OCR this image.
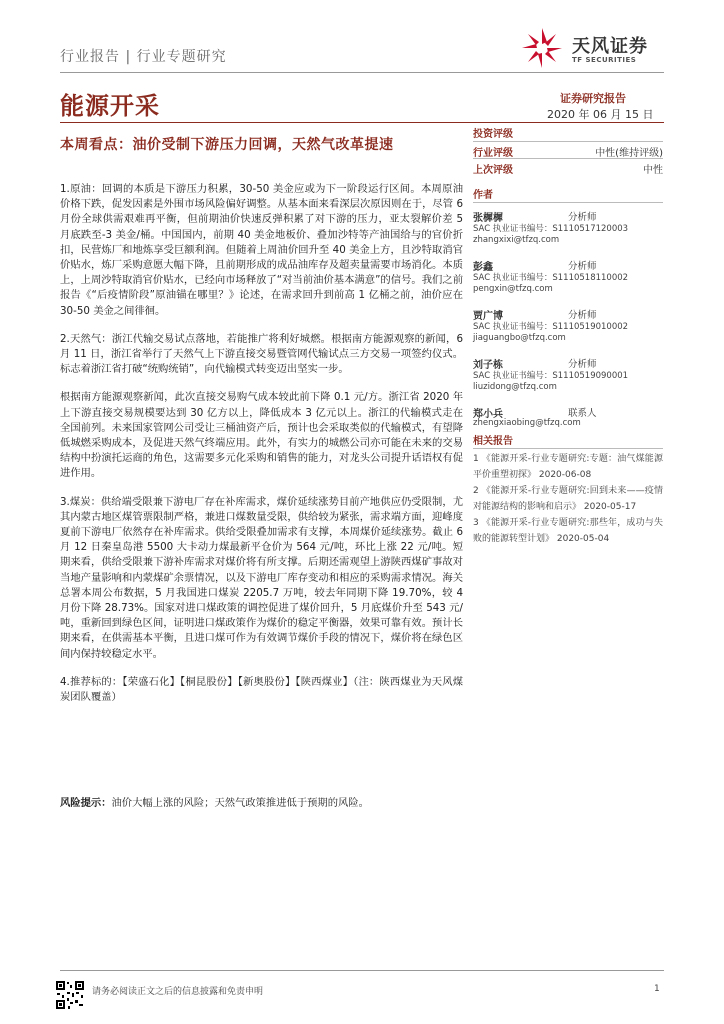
行业报告 | 行业专题研究	天风证券
TF SECURITIES
能源开采	证券研究报告
2020 年 06 月 15 日
本周看点：油价受制下游压力回调，天然气改革提速

1.原油：回调的本质是下游压力积累，30-50 美金应或为下一阶段运行区间。本周原油价格下跌，促发因素是外围市场风险偏好调整。从基本面来看深层次原因则在于，尽管 6 月份全球供需艰难再平衡，但前期油价快速反弹积累了对下游的压力，亚太裂解价差 5 月底跌至-3 美金/桶。中国国内，前期 40 美金地板价、叠加沙特等产油国给与的官价折扣，民营炼厂和地炼享受巨额利润。但随着上周油价回升至 40 美金上方，且沙特取消官价贴水，炼厂采购意愿大幅下降，且前期形成的成品油库存及超卖量需要市场消化。本质上，上周沙特取消官价贴水，已经向市场释放了“对当前油价基本满意”的信号。我们之前报告《“后疫情阶段”原油锚在哪里？》论述，在需求回升到前高 1 亿桶之前，油价应在 30-50 美金之间徘徊。

2.天然气：浙江代输交易试点落地，若能推广将利好城燃。根据南方能源观察的新闻，6 月 11 日，浙江省举行了天然气上下游直接交易暨管网代输试点三方交易一项签约仪式。标志着浙江省打破“统购统销”，向代输模式转变迈出坚实一步。

根据南方能源观察新闻，此次直接交易购气成本较此前下降 0.1 元/方。浙江省 2020 年上下游直接交易规模要达到 30 亿方以上，降低成本 3 亿元以上。浙江的代输模式走在全国前列。未来国家管网公司受让三桶油资产后，预计也会采取类似的代输模式，有望降低城燃采购成本，及促进天然气终端应用。此外，有实力的城燃公司亦可能在未来的交易结构中扮演托运商的角色，这需要多元化采购和销售的能力，对龙头公司提升话语权有促进作用。

3.煤炭：供给端受限兼下游电厂存在补库需求，煤价延续涨势目前产地供应仍受限制，尤其内蒙古地区煤管票限制严格，兼进口煤数量受限，供给较为紧张，需求端方面，迎峰度夏前下游电厂依然存在补库需求。供给受限叠加需求有支撑，本周煤价延续涨势。截止 6 月 12 日秦皇岛港 5500 大卡动力煤最新平仓价为 564 元/吨，环比上涨 22 元/吨。短期来看，供给受限兼下游补库需求对煤价将有所支撑。后期还需观望上游陕西煤矿事故对当地产量影响和内蒙煤矿余票情况，以及下游电厂库存变动和相应的采购需求情况。海关总署本周公布数据，5 月我国进口煤炭 2205.7 万吨，较去年同期下降 19.70%，较 4 月份下降 28.73%。国家对进口煤政策的调控促进了煤价回升，5 月底煤价升至 543 元/吨，重新回到绿色区间，证明进口煤政策作为煤价的稳定平衡器，效果可靠有效。预计长期来看，在供需基本平衡，且进口煤可作为有效调节煤价手段的情况下，煤价将在绿色区间内保持较稳定水平。

4.推荐标的：【荣盛石化】【桐昆股份】【新奥股份】【陕西煤业】（注：陕西煤业为天风煤炭团队覆盖）

风险提示：油价大幅上涨的风险；天然气政策推进低于预期的风险。
投资评级
行业评级	中性(维持评级)
上次评级	中性
作者
张樨樨	分析师
SAC 执业证书编号：S1110517120003
zhangxixi@tfzq.com
彭鑫	分析师
SAC 执业证书编号：S1110518110002
pengxin@tfzq.com
贾广博	分析师
SAC 执业证书编号：S1110519010002
jiaguangbo@tfzq.com
刘子栋	分析师
SAC 执业证书编号：S1110519090001
liuzidong@tfzq.com
郑小兵	联系人
zhengxiaobing@tfzq.com
相关报告
1 《能源开采-行业专题研究:专题：油气煤能源平价重塑初探》 2020-06-08
2 《能源开采-行业专题研究:回到未来——疫情对能源结构的影响和启示》 2020-05-17
3 《能源开采-行业专题研究:那些年，成功与失败的能源转型计划》 2020-05-04
请务必阅读正文之后的信息披露和免责申明	1
